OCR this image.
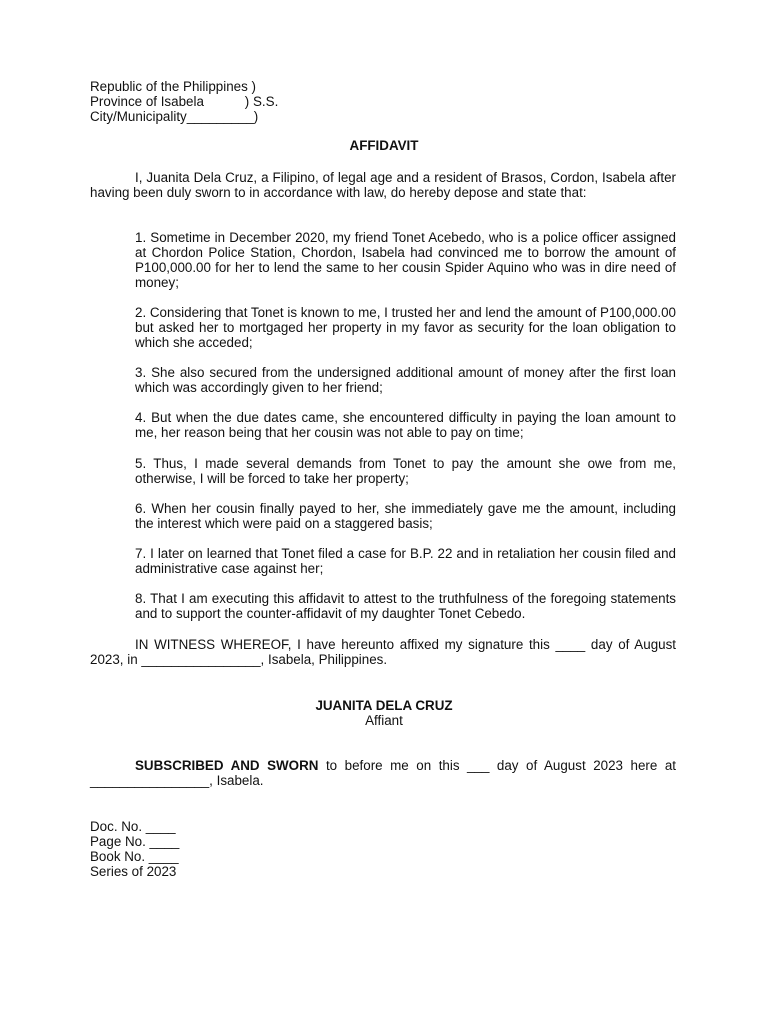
Republic of the Philippines )

Province of Isabela           ) S.S.

City/Municipality_________)

AFFIDAVIT

I, Juanita Dela Cruz, a Filipino, of legal age and a resident of Brasos, Cordon, Isabela after having been duly sworn to in accordance with law, do hereby depose and state that:

1. Sometime in December 2020, my friend Tonet Acebedo, who is a police officer assigned at Chordon Police Station, Chordon, Isabela had convinced me to borrow the amount of P100,000.00 for her to lend the same to her cousin Spider Aquino who was in dire need of money;

2. Considering that Tonet is known to me, I trusted her and lend the amount of P100,000.00 but asked her to mortgaged her property in my favor as security for the loan obligation to which she acceded;

3. She also secured from the undersigned additional amount of money after the first loan which was accordingly given to her friend;

4. But when the due dates came, she encountered difficulty in paying the loan amount to me, her reason being that her cousin was not able to pay on time;

5. Thus, I made several demands from Tonet to pay the amount she owe from me, otherwise, I will be forced to take her property;

6. When her cousin finally payed to her, she immediately gave me the amount, including the interest which were paid on a staggered basis;

7. I later on learned that Tonet filed a case for B.P. 22 and in retaliation her cousin filed and administrative case against her;

8. That I am executing this affidavit to attest to the truthfulness of the foregoing statements and to support the counter-affidavit of my daughter Tonet Cebedo.

IN WITNESS WHEREOF, I have hereunto affixed my signature this ____ day of August 2023, in ________________, Isabela, Philippines.

JUANITA DELA CRUZ

Affiant

SUBSCRIBED AND SWORN to before me on this ___ day of August 2023 here at ________________, Isabela.

Doc. No. ____

Page No. ____

Book No. ____

Series of 2023
